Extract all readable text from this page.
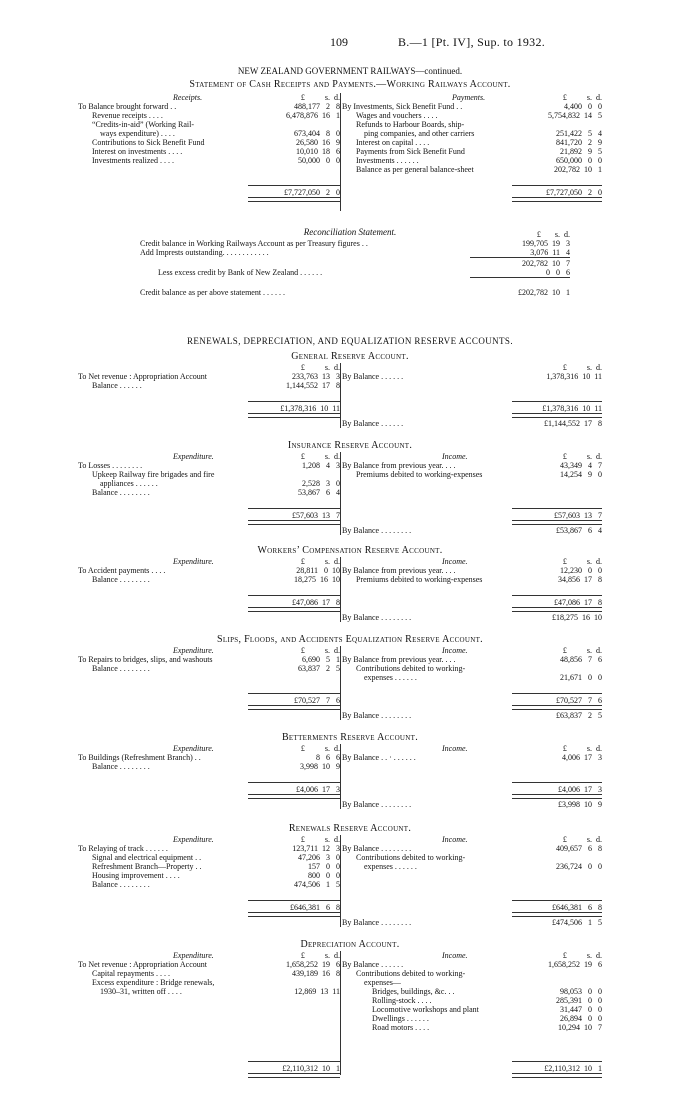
109	B.—1 [Pt. IV], Sup. to 1932.
NEW ZEALAND GOVERNMENT RAILWAYS—continued.
Statement of Cash Receipts and Payments.—Working Railways Account.
Receipts.	£          s.  d.
To Balance brought forward . .	488,177   2   8
Revenue receipts . . . .	6,478,876  16   1
“Credits-in-aid” (Working Rail-
ways expenditure) . . . .	673,404   8   0
Contributions to Sick Benefit Fund	26,580  16   9
Interest on investments . . . .	10,010  18   6
Investments realized . . . .	50,000   0   0
£7,727,050   2   0
Payments.	£          s.  d.
By Investments, Sick Benefit Fund . .	4,400   0   0
Wages and vouchers . . . .	5,754,832  14   5
Refunds to Harbour Boards, ship-
ping companies, and other carriers	251,422   5   4
Interest on capital . . . .	841,720   2   9
Payments from Sick Benefit Fund	21,892   9   5
Investments . . . . . .	650,000   0   0
Balance as per general balance-sheet	202,782  10   1
£7,727,050   2   0
Reconciliation Statement.	£       s.  d.
Credit balance in Working Railways Account as per Treasury figures . .	199,705  19   3
Add Imprests outstanding. . . . . . . . . . . .	3,076  11   4
202,782  10   7
Less excess credit by Bank of New Zealand . . . . . .	0   0   6
Credit balance as per above statement . . . . . .	£202,782  10   1
RENEWALS, DEPRECIATION, AND EQUALIZATION RESERVE ACCOUNTS.
General Reserve Account.
£          s.  d.
To Net revenue : Appropriation Account	233,763  13   3
Balance . . . . . .	1,144,552  17   8
£1,378,316  10  11
£          s.  d.
By Balance . . . . . .	1,378,316  10  11
£1,378,316  10  11
By Balance . . . . . .	£1,144,552  17   8
Insurance Reserve Account.
Expenditure.	£          s.  d.
To Losses . . . . . . . .	1,208   4   3
Upkeep Railway fire brigades and fire
appliances . . . . . .	2,528   3   0
Balance . . . . . . . .	53,867   6   4
£57,603  13   7
Income.	£          s.  d.
By Balance from previous year. . . .	43,349   4   7
Premiums debited to working-expenses	14,254   9   0
£57,603  13   7
By Balance . . . . . . . .	£53,867   6   4
Workers’ Compensation Reserve Account.
Expenditure.	£          s.  d.
To Accident payments . . . .	28,811   0  10
Balance . . . . . . . .	18,275  16  10
£47,086  17   8
Income.	£          s.  d.
By Balance from previous year. . . .	12,230   0   0
Premiums debited to working-expenses	34,856  17   8
£47,086  17   8
By Balance . . . . . . . .	£18,275  16  10
Slips, Floods, and Accidents Equalization Reserve Account.
Expenditure.	£          s.  d.
To Repairs to bridges, slips, and washouts	6,690   5   1
Balance . . . . . . . .	63,837   2   5
£70,527   7   6
Income.	£          s.  d.
By Balance from previous year. . . .	48,856   7   6
Contributions debited to working-
expenses . . . . . .	21,671   0   0
£70,527   7   6
By Balance . . . . . . . .	£63,837   2   5
Betterments Reserve Account.
Expenditure.	£          s.  d.
To Buildings (Refreshment Branch) . .	8   6   6
Balance . . . . . . . .	3,998  10   9
£4,006  17   3
Income.	£          s.  d.
By Balance . . · . . . . . .	4,006  17   3
£4,006  17   3
By Balance . . . . . . . .	£3,998  10   9
Renewals Reserve Account.
Expenditure.	£          s.  d.
To Relaying of track . . . . . .	123,711  12   3
Signal and electrical equipment . .	47,206   3   0
Refreshment Branch—Property . .	157   0   0
Housing improvement . . . .	800   0   0
Balance . . . . . . . .	474,506   1   5
£646,381   6   8
Income.	£          s.  d.
By Balance . . . . . . . .	409,657   6   8
Contributions debited to working-
expenses . . . . . .	236,724   0   0
£646,381   6   8
By Balance . . . . . . . .	£474,506   1   5
Depreciation Account.
Expenditure.	£          s.  d.
To Net revenue : Appropriation Account	1,658,252  19   6
Capital repayments . . . .	439,189  16   8
Excess expenditure : Bridge renewals,
1930–31, written off . . . .	12,869  13  11
£2,110,312  10   1
Income.	£          s.  d.
By Balance . . . . . .	1,658,252  19   6
Contributions debited to working-
expenses—
Bridges, buildings, &c. . .	98,053   0   0
Rolling-stock . . . .	285,391   0   0
Locomotive workshops and plant	31,447   0   0
Dwellings . . . . . .	26,894   0   0
Road motors . . . .	10,294  10   7
£2,110,312  10   1
